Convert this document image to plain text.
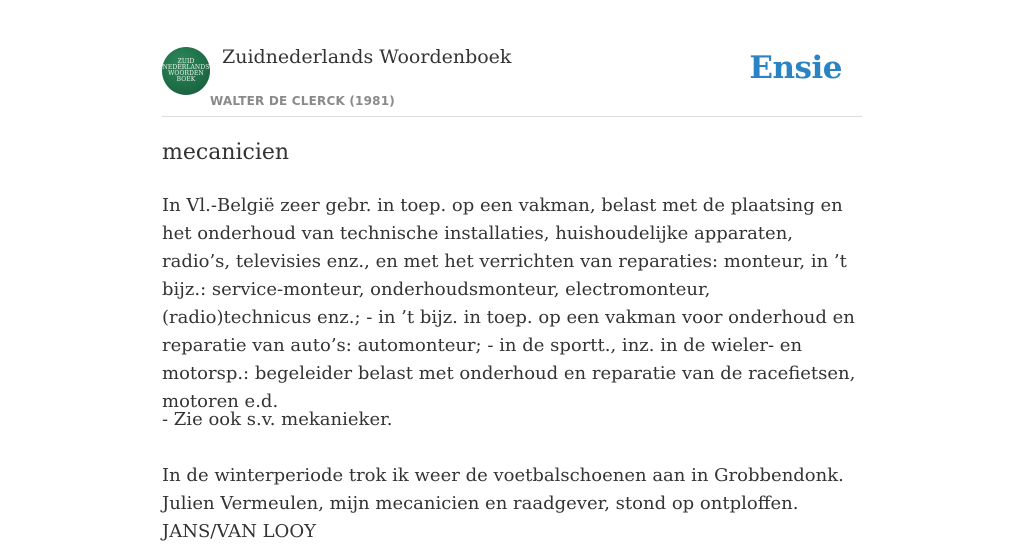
ZUID
NEDERLANDS
WOORDEN
BOEK
Zuidnederlands Woordenboek
WALTER DE CLERCK (1981)
Ensie
mecanicien

In Vl.-België zeer gebr. in toep. op een vakman, belast met de plaatsing en het onderhoud van technische installaties, huishoudelijke apparaten, radio’s, televisies enz., en met het verrichten van reparaties: monteur, in ’t bijz.: service-monteur, onderhoudsmonteur, electromonteur, (radio)technicus enz.; - in ’t bijz. in toep. op een vakman voor onderhoud en reparatie van auto’s: automonteur; - in de sportt., inz. in de wieler- en motorsp.: begeleider belast met onderhoud en reparatie van de racefietsen, motoren e.d.

- Zie ook s.v. mekanieker.

In de winterperiode trok ik weer de voetbalschoenen aan in Grobbendonk. Julien Vermeulen, mijn mecanicien en raadgever, stond op ontploffen. JANS/VAN LOOY
